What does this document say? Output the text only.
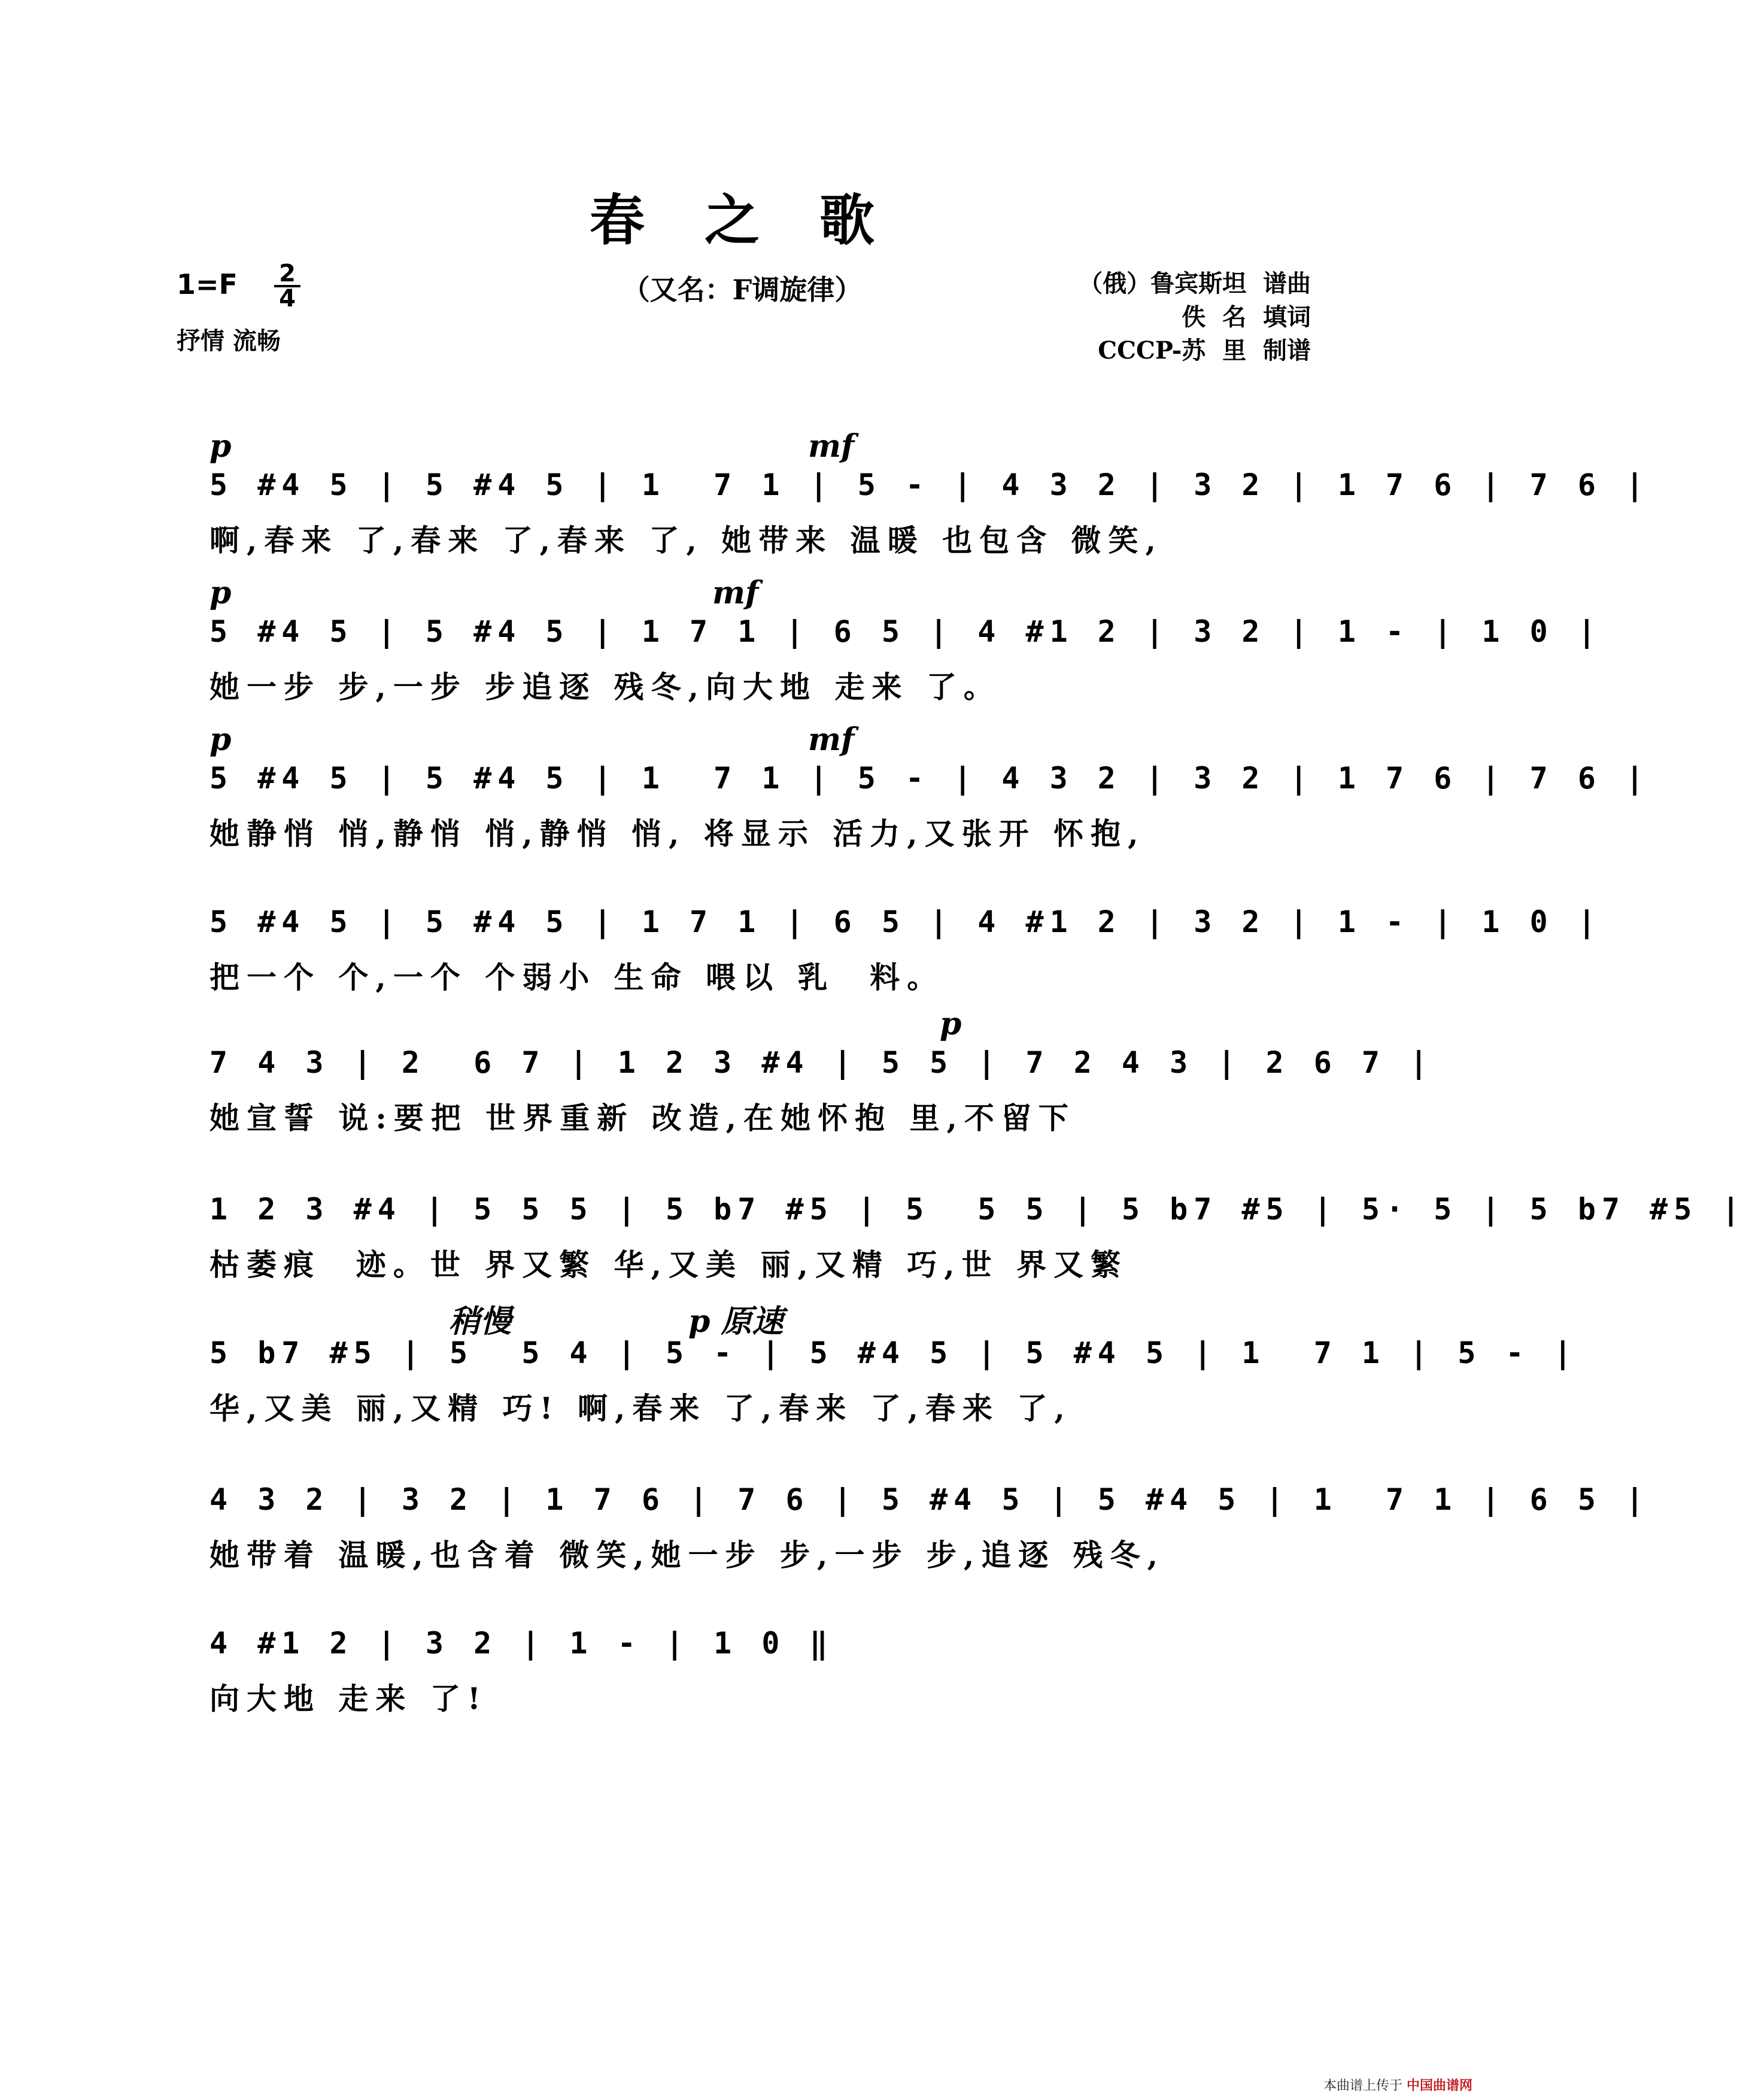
春 之 歌
（又名：F调旋律）
1=F 2
4
抒情 流畅
（俄）鲁宾斯坦  谱曲
佚  名  填词
CCCP-苏  里  制谱
p	mf
5 #4 5 | 5 #4 5 | 1  7 1 | 5 - | 4 3 2 | 3 2 | 1 7 6 | 7 6 |
啊,春来 了,春来 了,春来 了, 她带来 温暖 也包含 微笑,
p	mf
5 #4 5 | 5 #4 5 | 1 7 1 | 6 5 | 4 #1 2 | 3 2 | 1 - | 1 0 |
她一步 步,一步 步追逐 残冬,向大地 走来 了。
p	mf
5 #4 5 | 5 #4 5 | 1  7 1 | 5 - | 4 3 2 | 3 2 | 1 7 6 | 7 6 |
她静悄 悄,静悄 悄,静悄 悄, 将显示 活力,又张开 怀抱,
5 #4 5 | 5 #4 5 | 1 7 1 | 6 5 | 4 #1 2 | 3 2 | 1 - | 1 0 |
把一个 个,一个 个弱小 生命 喂以 乳  料。
p
7 4 3 | 2  6 7 | 1 2 3 #4 | 5 5 | 7 2 4 3 | 2 6 7 |
她宣誓 说:要把 世界重新 改造,在她怀抱 里,不留下
1 2 3 #4 | 5 5 5 | 5 b7 #5 | 5  5 5 | 5 b7 #5 | 5· 5 | 5 b7 #5 |
枯萎痕  迹。世 界又繁 华,又美 丽,又精 巧,世 界又繁
稍慢	p 原速
5 b7 #5 | 5  5 4 | 5 - | 5 #4 5 | 5 #4 5 | 1  7 1 | 5 - |
华,又美 丽,又精 巧! 啊,春来 了,春来 了,春来 了,
4 3 2 | 3 2 | 1 7 6 | 7 6 | 5 #4 5 | 5 #4 5 | 1  7 1 | 6 5 |
她带着 温暖,也含着 微笑,她一步 步,一步 步,追逐 残冬,
4 #1 2 | 3 2 | 1 - | 1 0 ‖
向大地 走来 了!
本曲谱上传于 中国曲谱网
